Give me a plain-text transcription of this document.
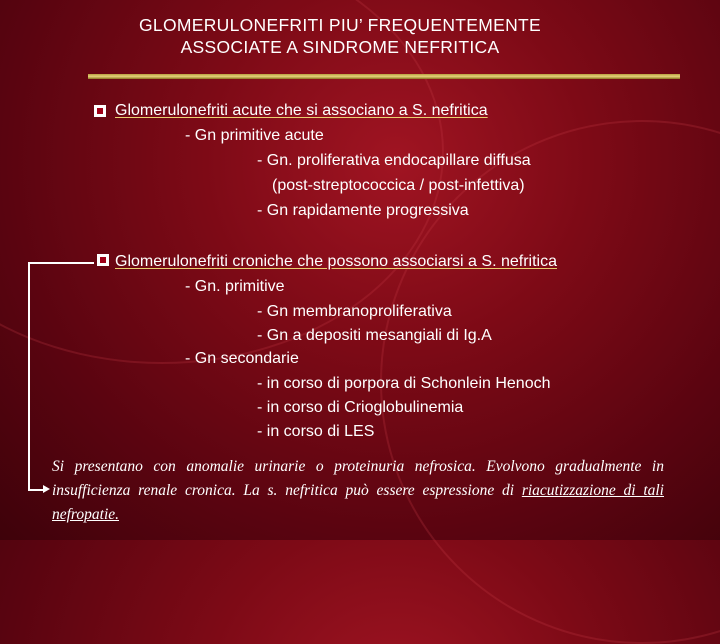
GLOMERULONEFRITI PIU’ FREQUENTEMENTE
ASSOCIATE A SINDROME NEFRITICA
Glomerulonefriti acute che si associano a S. nefritica
- Gn primitive acute
- Gn. proliferativa endocapillare diffusa
(post-streptococcica / post-infettiva)
- Gn rapidamente progressiva
Glomerulonefriti croniche che possono associarsi a S. nefritica
- Gn. primitive
- Gn membranoproliferativa
- Gn a depositi mesangiali di Ig.A
- Gn secondarie
- in corso di porpora di Schonlein Henoch
- in corso di Crioglobulinemia
- in corso di LES
Si presentano con anomalie urinarie o proteinuria nefrosica. Evolvono gradualmente in insufficienza renale cronica. La s. nefritica può essere espressione di riacutizzazione di tali nefropatie.
